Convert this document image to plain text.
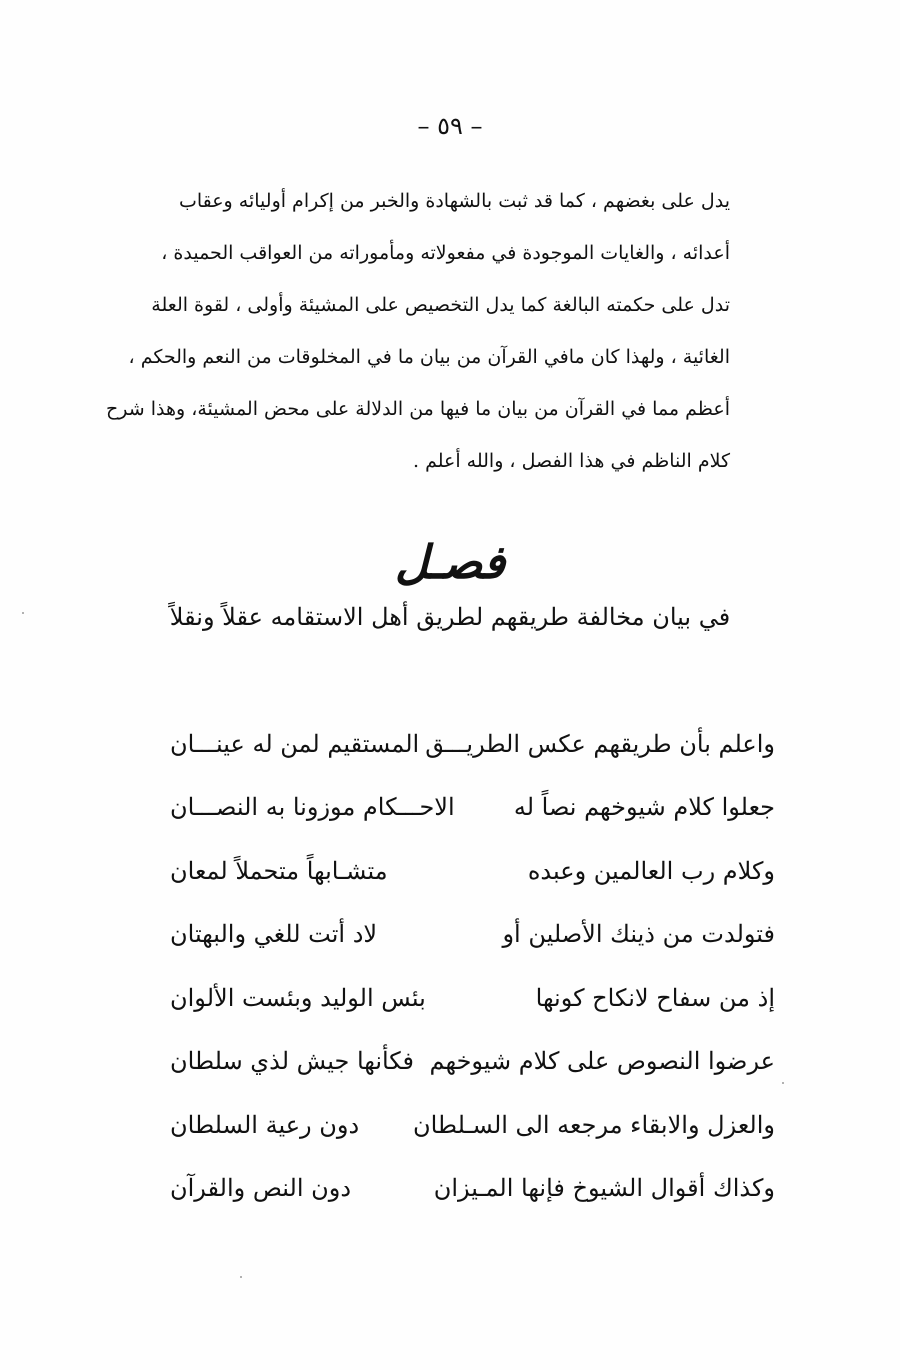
– ٥٩ –
يدل على بغضهم ، كما قد ثبت بالشهادة والخبر من إكرام أوليائه وعقاب
أعدائه ، والغايات الموجودة في مفعولاته ومأموراته من العواقب الحميدة ،
تدل على حكمته البالغة كما يدل التخصيص على المشيئة وأولى ، لقوة العلة
الغائية ، ولهذا كان مافي القرآن من بيان ما في المخلوقات من النعم والحكم ،
أعظم مما في القرآن من بيان ما فيها من الدلالة على محض المشيئة، وهذا شرح
كلام الناظم في هذا الفصل ، والله أعلم .
فصـل
في بيان مخالفة طريقهم لطريق أهل الاستقامه عقلاً ونقلاً
واعلم بأن طريقهم عكس الطريـــق
المستقيم لمن له عينـــان
جعلوا كلام شيوخهم نصاً له
الاحـــكام موزونا به النصـــان
وكلام رب العالمين وعبده
متشـابهاً متحملاً لمعان
فتولدت من ذينك الأصلين أو
لاد أتت للغي والبهتان
إذ من سفاح لانكاح كونها
بئس الوليد وبئست الألوان
عرضوا النصوص على كلام شيوخهم
فكأنها جيش لذي سلطان
والعزل والابقاء مرجعه الى السـلطان
دون رعية السلطان
وكذاك أقوال الشيوخ فإنها المـيزان
دون النص والقرآن
